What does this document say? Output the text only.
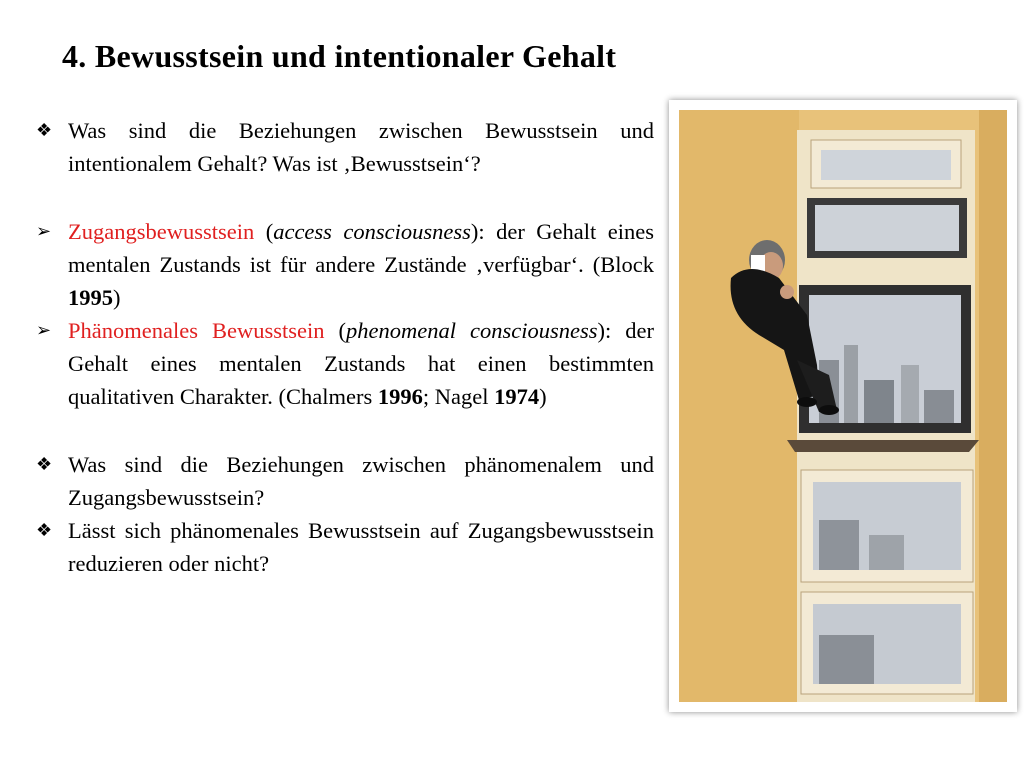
4. Bewusstsein und intentionaler Gehalt
❖ Was sind die Beziehungen zwischen Bewusstsein und intentionalem Gehalt? Was ist ‚Bewusstsein‘?
➢ Zugangsbewusstsein (access consciousness): der Gehalt eines mentalen Zustands ist für andere Zustände ‚verfügbar‘. (Block 1995)
➢ Phänomenales Bewusstsein (phenomenal consciousness): der Gehalt eines mentalen Zustands hat einen bestimmten qualitativen Charakter. (Chalmers 1996; Nagel 1974)
❖ Was sind die Beziehungen zwischen phänomenalem und Zugangsbewusstsein?
❖ Lässt sich phänomenales Bewusstsein auf Zugangsbewusstsein reduzieren oder nicht?
